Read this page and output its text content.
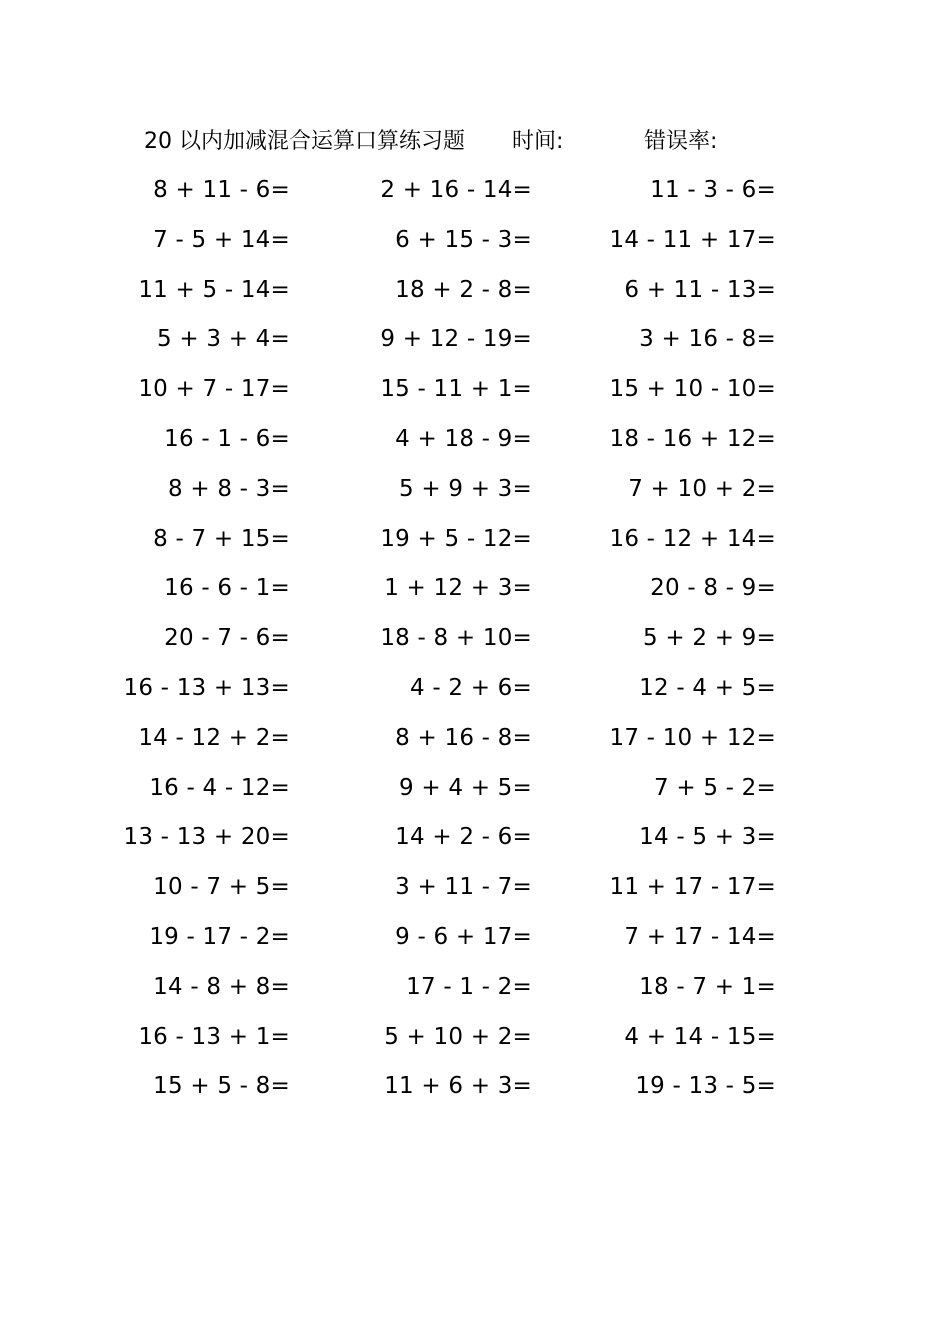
20 以内加减混合运算口算练习题 时间:	错误率:
8 + 11 - 6=	2 + 16 - 14=	11 - 3 - 6=
7 - 5 + 14=	6 + 15 - 3=	14 - 11 + 17=
11 + 5 - 14=	18 + 2 - 8=	6 + 11 - 13=
5 + 3 + 4=	9 + 12 - 19=	3 + 16 - 8=
10 + 7 - 17=	15 - 11 + 1=	15 + 10 - 10=
16 - 1 - 6=	4 + 18 - 9=	18 - 16 + 12=
8 + 8 - 3=	5 + 9 + 3=	7 + 10 + 2=
8 - 7 + 15=	19 + 5 - 12=	16 - 12 + 14=
16 - 6 - 1=	1 + 12 + 3=	20 - 8 - 9=
20 - 7 - 6=	18 - 8 + 10=	5 + 2 + 9=
16 - 13 + 13=	4 - 2 + 6=	12 - 4 + 5=
14 - 12 + 2=	8 + 16 - 8=	17 - 10 + 12=
16 - 4 - 12=	9 + 4 + 5=	7 + 5 - 2=
13 - 13 + 20=	14 + 2 - 6=	14 - 5 + 3=
10 - 7 + 5=	3 + 11 - 7=	11 + 17 - 17=
19 - 17 - 2=	9 - 6 + 17=	7 + 17 - 14=
14 - 8 + 8=	17 - 1 - 2=	18 - 7 + 1=
16 - 13 + 1=	5 + 10 + 2=	4 + 14 - 15=
15 + 5 - 8=	11 + 6 + 3=	19 - 13 - 5=
